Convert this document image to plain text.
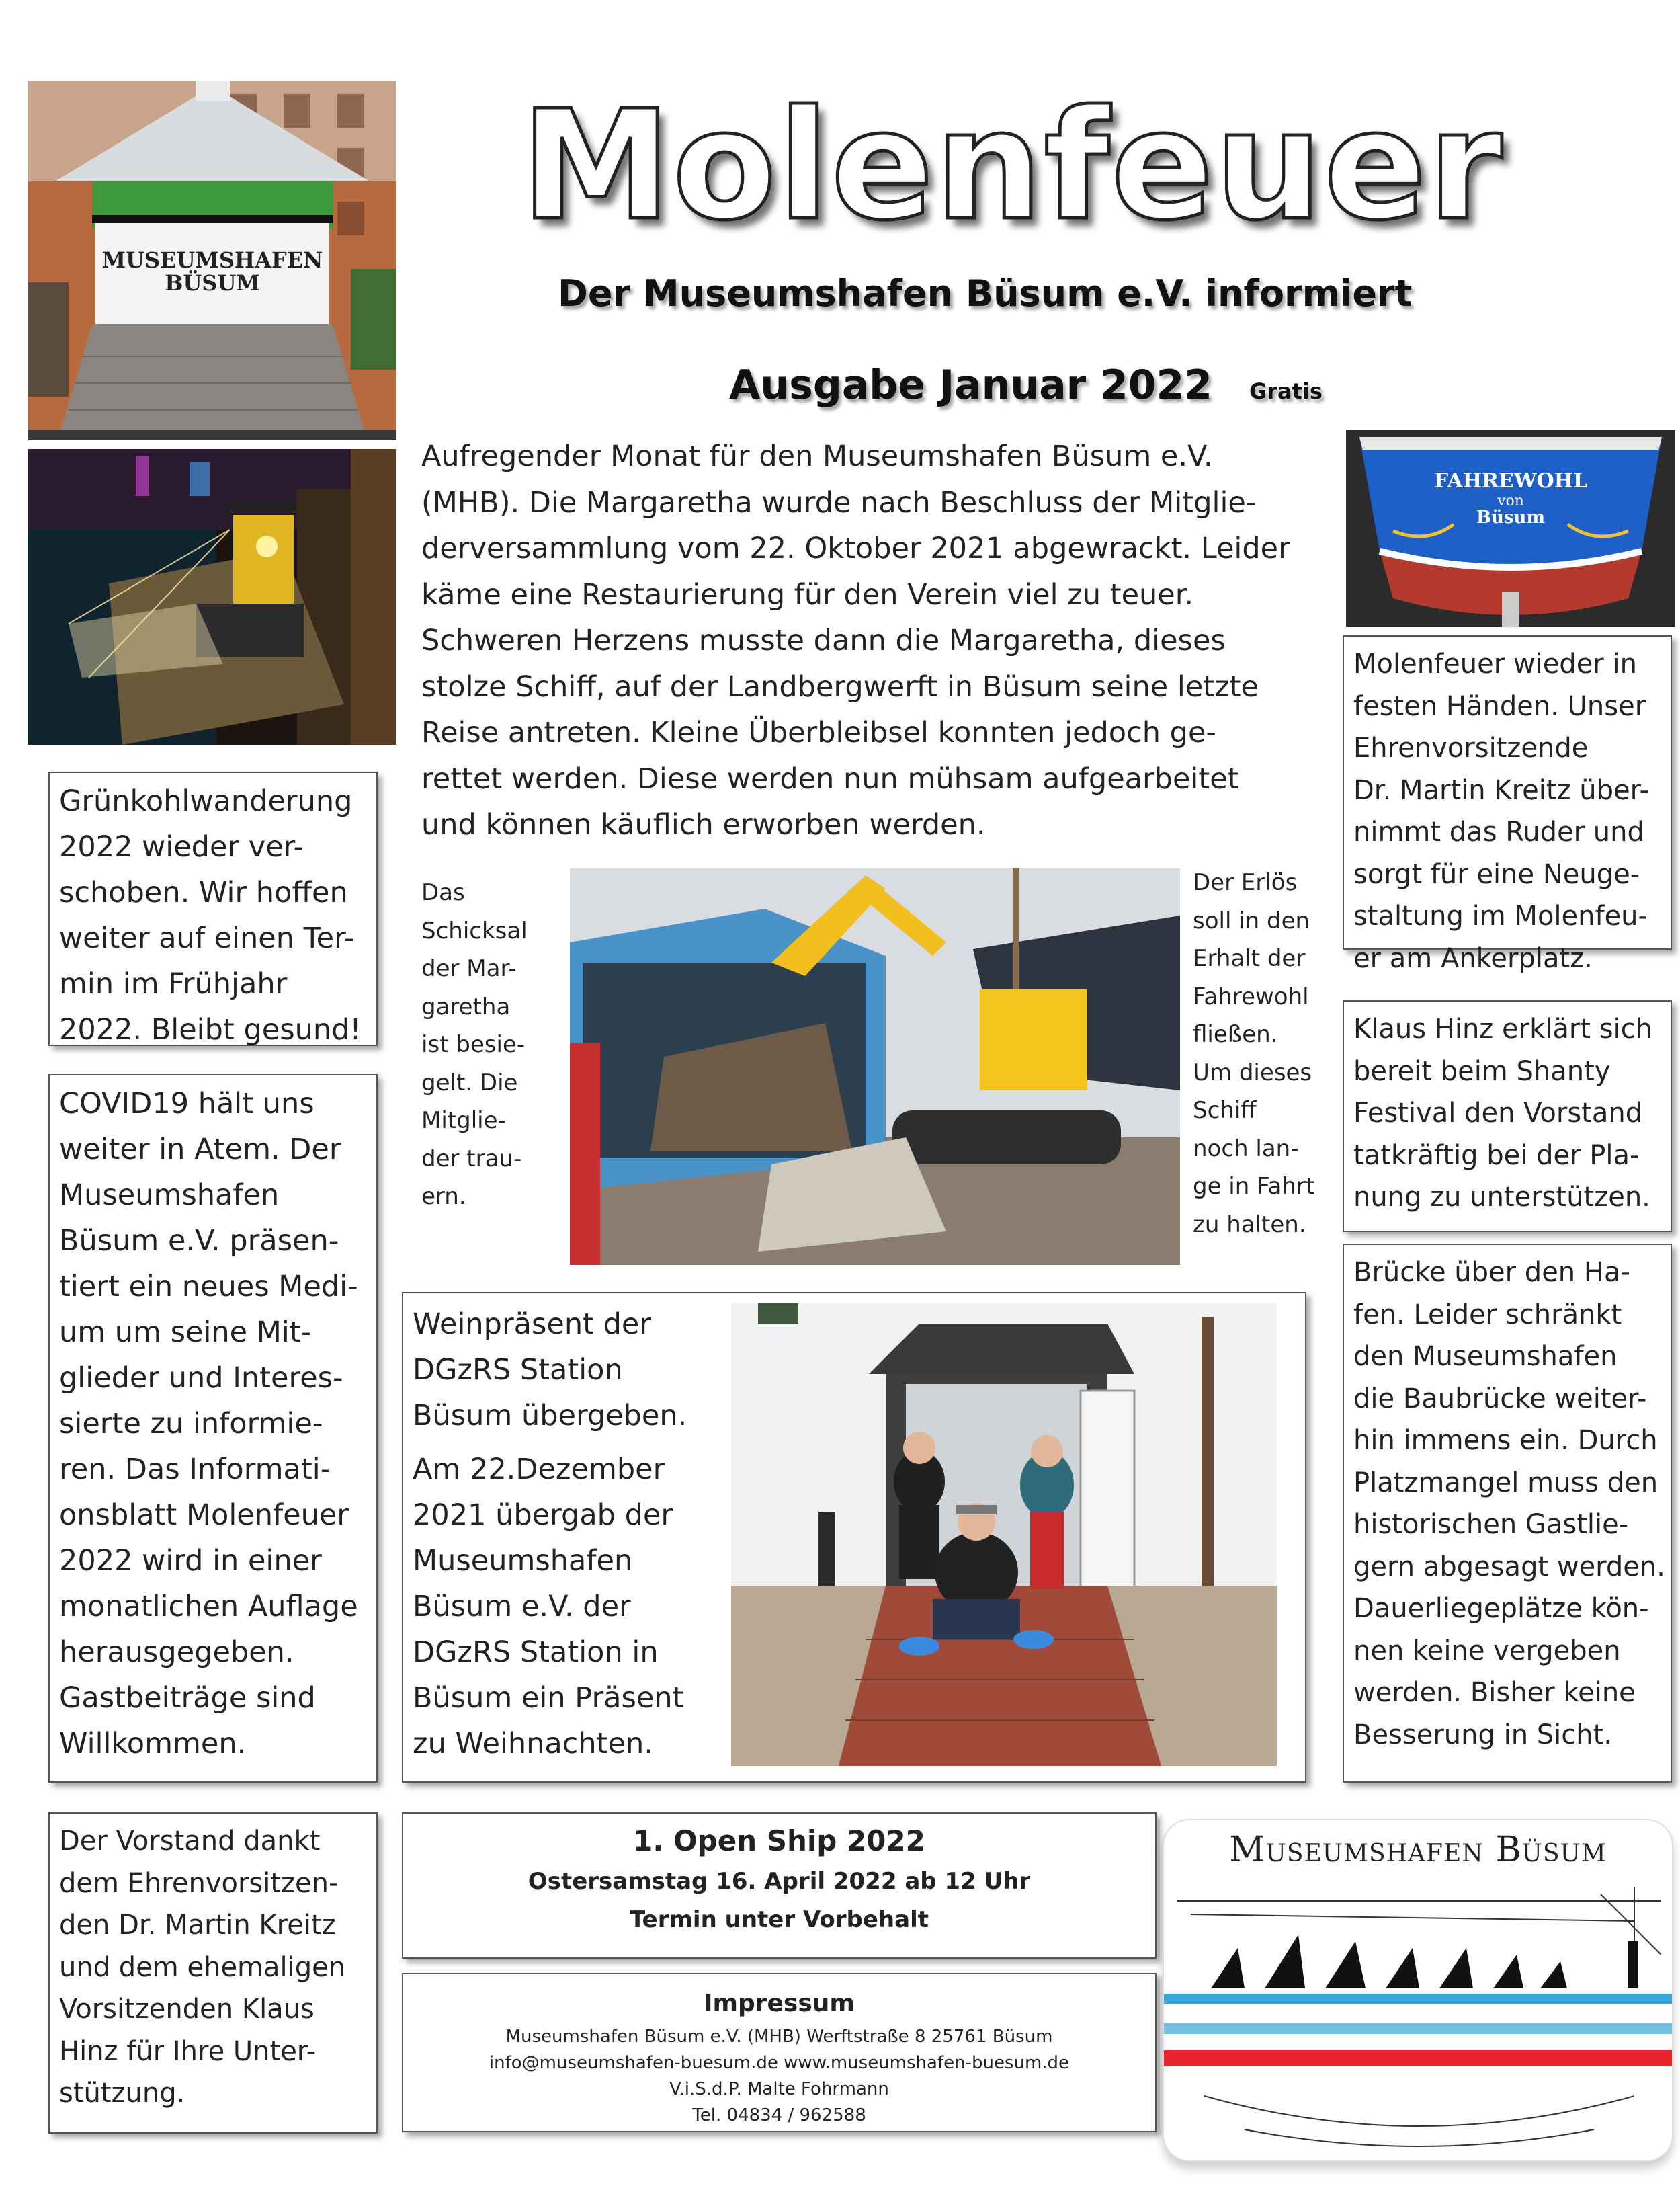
Molenfeuer
Der Museumshafen Büsum e.V. informiert
Ausgabe Januar 2022 Gratis
MUSEUMSHAFEN
BÜSUM
FAHREWOHL
von
Büsum
Aufregender Monat für den Museumshafen Büsum e.V.
(MHB). Die Margaretha wurde nach Beschluss der Mitglie-
derversammlung vom 22. Oktober 2021 abgewrackt. Leider
käme eine Restaurierung für den Verein viel zu teuer.
Schweren Herzens musste dann die Margaretha, dieses
stolze Schiff, auf der Landbergwerft in Büsum seine letzte
Reise antreten. Kleine Überbleibsel konnten jedoch ge-
rettet werden. Diese werden nun mühsam aufgearbeitet
und können käuflich erworben werden.
Das
Schicksal
der Mar-
garetha
ist besie-
gelt. Die
Mitglie-
der trau-
ern.
Der Erlös
soll in den
Erhalt der
Fahrewohl
fließen.
Um dieses
Schiff
noch lan-
ge in Fahrt
zu halten.
Grünkohlwanderung
2022 wieder ver-
schoben. Wir hoffen
weiter auf einen Ter-
min im Frühjahr
2022. Bleibt gesund!
COVID19 hält uns
weiter in Atem. Der
Museumshafen
Büsum e.V. präsen-
tiert ein neues Medi-
um um seine Mit-
glieder und Interes-
sierte zu informie-
ren. Das Informati-
onsblatt Molenfeuer
2022 wird in einer
monatlichen Auflage
herausgegeben.
Gastbeiträge sind
Willkommen.
Der Vorstand dankt
dem Ehrenvorsitzen-
den Dr. Martin Kreitz
und dem ehemaligen
Vorsitzenden Klaus
Hinz für Ihre Unter-
stützung.
Molenfeuer wieder in
festen Händen. Unser
Ehrenvorsitzende
Dr. Martin Kreitz über-
nimmt das Ruder und
sorgt für eine Neuge-
staltung im Molenfeu-
er am Ankerplatz.
Klaus Hinz erklärt sich
bereit beim Shanty
Festival den Vorstand
tatkräftig bei der Pla-
nung zu unterstützen.
Brücke über den Ha-
fen. Leider schränkt
den Museumshafen
die Baubrücke weiter-
hin immens ein. Durch
Platzmangel muss den
historischen Gastlie-
gern abgesagt werden.
Dauerliegeplätze kön-
nen keine vergeben
werden. Bisher keine
Besserung in Sicht.
Weinpräsent der
DGzRS Station
Büsum übergeben.
Am 22.Dezember
2021 übergab der
Museumshafen
Büsum e.V. der
DGzRS Station in
Büsum ein Präsent
zu Weihnachten.
1. Open Ship 2022
Ostersamstag 16. April 2022 ab 12 Uhr
Termin unter Vorbehalt
Impressum
Museumshafen Büsum e.V. (MHB) Werftstraße 8 25761 Büsum
info@museumshafen-buesum.de www.museumshafen-buesum.de
V.i.S.d.P. Malte Fohrmann
Tel. 04834 / 962588
Museumshafen Büsum
